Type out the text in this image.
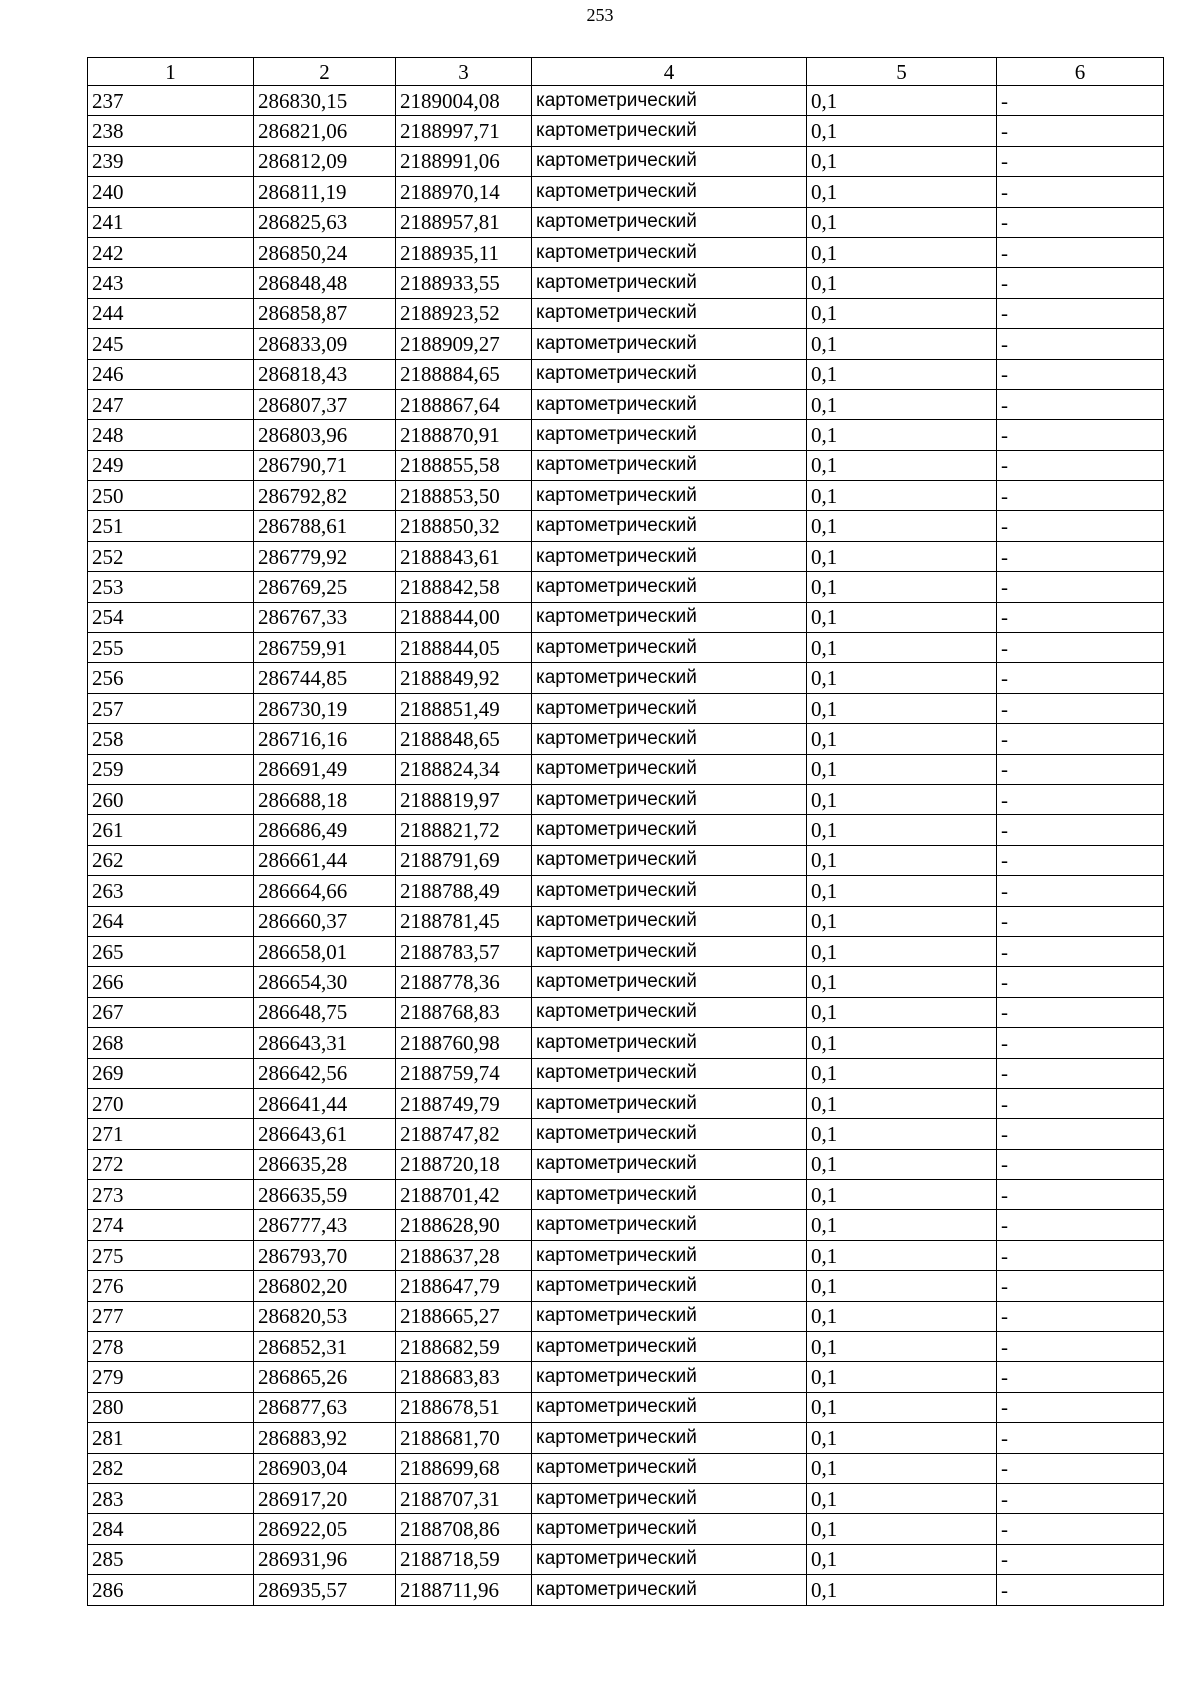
253
1	2	3	4	5	6
237	286830,15	2189004,08	картометрический	0,1	-
238	286821,06	2188997,71	картометрический	0,1	-
239	286812,09	2188991,06	картометрический	0,1	-
240	286811,19	2188970,14	картометрический	0,1	-
241	286825,63	2188957,81	картометрический	0,1	-
242	286850,24	2188935,11	картометрический	0,1	-
243	286848,48	2188933,55	картометрический	0,1	-
244	286858,87	2188923,52	картометрический	0,1	-
245	286833,09	2188909,27	картометрический	0,1	-
246	286818,43	2188884,65	картометрический	0,1	-
247	286807,37	2188867,64	картометрический	0,1	-
248	286803,96	2188870,91	картометрический	0,1	-
249	286790,71	2188855,58	картометрический	0,1	-
250	286792,82	2188853,50	картометрический	0,1	-
251	286788,61	2188850,32	картометрический	0,1	-
252	286779,92	2188843,61	картометрический	0,1	-
253	286769,25	2188842,58	картометрический	0,1	-
254	286767,33	2188844,00	картометрический	0,1	-
255	286759,91	2188844,05	картометрический	0,1	-
256	286744,85	2188849,92	картометрический	0,1	-
257	286730,19	2188851,49	картометрический	0,1	-
258	286716,16	2188848,65	картометрический	0,1	-
259	286691,49	2188824,34	картометрический	0,1	-
260	286688,18	2188819,97	картометрический	0,1	-
261	286686,49	2188821,72	картометрический	0,1	-
262	286661,44	2188791,69	картометрический	0,1	-
263	286664,66	2188788,49	картометрический	0,1	-
264	286660,37	2188781,45	картометрический	0,1	-
265	286658,01	2188783,57	картометрический	0,1	-
266	286654,30	2188778,36	картометрический	0,1	-
267	286648,75	2188768,83	картометрический	0,1	-
268	286643,31	2188760,98	картометрический	0,1	-
269	286642,56	2188759,74	картометрический	0,1	-
270	286641,44	2188749,79	картометрический	0,1	-
271	286643,61	2188747,82	картометрический	0,1	-
272	286635,28	2188720,18	картометрический	0,1	-
273	286635,59	2188701,42	картометрический	0,1	-
274	286777,43	2188628,90	картометрический	0,1	-
275	286793,70	2188637,28	картометрический	0,1	-
276	286802,20	2188647,79	картометрический	0,1	-
277	286820,53	2188665,27	картометрический	0,1	-
278	286852,31	2188682,59	картометрический	0,1	-
279	286865,26	2188683,83	картометрический	0,1	-
280	286877,63	2188678,51	картометрический	0,1	-
281	286883,92	2188681,70	картометрический	0,1	-
282	286903,04	2188699,68	картометрический	0,1	-
283	286917,20	2188707,31	картометрический	0,1	-
284	286922,05	2188708,86	картометрический	0,1	-
285	286931,96	2188718,59	картометрический	0,1	-
286	286935,57	2188711,96	картометрический	0,1	-
